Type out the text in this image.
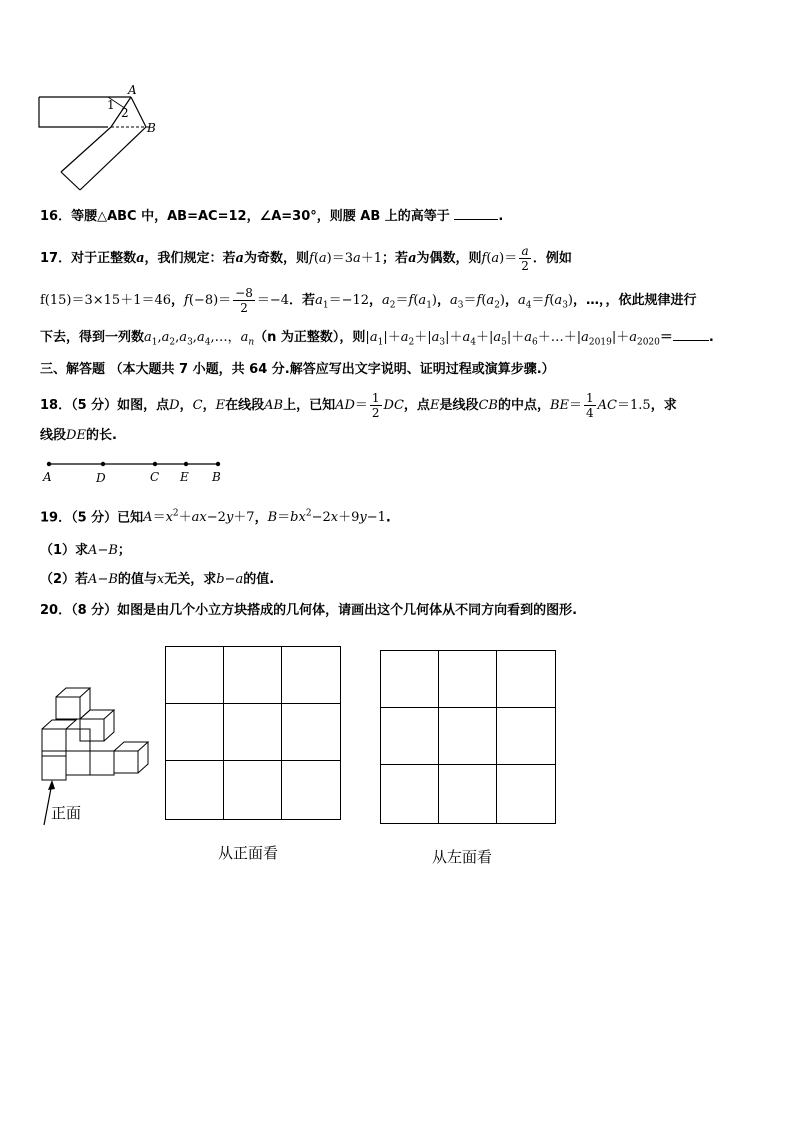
A
B
1
2
16．等腰△ABC 中，AB=AC=12，∠A=30°，则腰 AB 上的高等于	.
17．对于正整数a，我们规定：若a为奇数，则f(a)＝3a＋1；若a为偶数，则$f(a)= \frac{a}{2}$ ．例如
f(15)＝3×15＋1＝46，$f(-8)= \frac{-8}{2} =-4$．若$a_1=-12$，$a_2=f(a_1)$，$a_3=f(a_2)$，$a_4=f(a_3)$，…，，依此规律进行
下去，得到一列数$a_1,a_2,a_3,a_4,\dots$，$a_n(n$ 为正整数），则$|a_1|+a_2+|a_3|+a_4+|a_5|+a_6+\dots+|a_{2019}|+a_{2020}=$	.
三、解答题 （本大题共 7 小题，共 64 分.解答应写出文字说明、证明过程或演算步骤.）
18．（5 分）如图，点D，C，E在线段AB上，已知$AD= \frac{1}{2}$ DC，点E是线段CB的中点，$BE= \frac{1}{4} AC=1.5$，求
线段DE的长.
A	D	C E B
19．（5 分）已知$A=x^2+ax-2y+7$，$B=bx^2-2x+9y-1$.
（1）求A−B；
（2）若A−B的值与x无关，求b−a的值.
20．（8 分）如图是由几个小立方块搭成的几何体，请画出这个几何体从不同方向看到的图形.
正面
从正面看	从左面看
